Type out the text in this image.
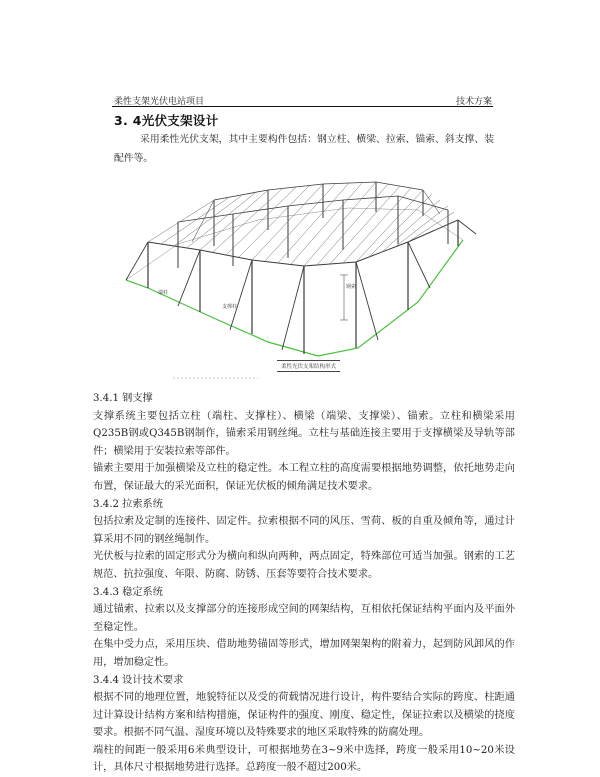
柔性支架光伏电站项目	技术方案
3. 4光伏支架设计
采用柔性光伏支架，其中主要构件包括：钢立柱、横梁、拉索、锚索、斜支撑、装配件等。
端柱
支撑柱
钢索
柔性光伏支架结构形式

3.4.1 钢支撑

支撑系统主要包括立柱（端柱、支撑柱）、横梁（端梁、支撑梁）、锚索。立柱和横梁采用Q235B钢或Q345B钢制作，锚索采用钢丝绳。立柱与基础连接主要用于支撑横梁及导轨等部件；横梁用于安装拉索等部件。

锚索主要用于加强横梁及立柱的稳定性。本工程立柱的高度需要根据地势调整，依托地势走向布置，保证最大的采光面积，保证光伏板的倾角满足技术要求。

3.4.2 拉索系统

包括拉索及定制的连接件、固定件。拉索根据不同的风压、雪荷、板的自重及倾角等，通过计算采用不同的钢丝绳制作。

光伏板与拉索的固定形式分为横向和纵向两种，两点固定，特殊部位可适当加强。钢索的工艺规范、抗拉强度、年限、防腐、防锈、压套等要符合技术要求。

3.4.3 稳定系统

通过锚索、拉索以及支撑部分的连接形成空间的网架结构，互相依托保证结构平面内及平面外至稳定性。

在集中受力点，采用压块、借助地势锚固等形式，增加网架架构的附着力，起到防风卸风的作用，增加稳定性。

3.4.4 设计技术要求

根据不同的地理位置，地貌特征以及受的荷载情况进行设计，构件要结合实际的跨度、柱距通过计算设计结构方案和结构措施，保证构件的强度、刚度、稳定性，保证拉索以及横梁的挠度要求。根据不同气温、湿度环境以及特殊要求的地区采取特殊的防腐处理。

端柱的间距一般采用6米典型设计，可根据地势在3~9米中选择，跨度一般采用10~20米设计，具体尺寸根据地势进行选择。总跨度一般不超过200米。
